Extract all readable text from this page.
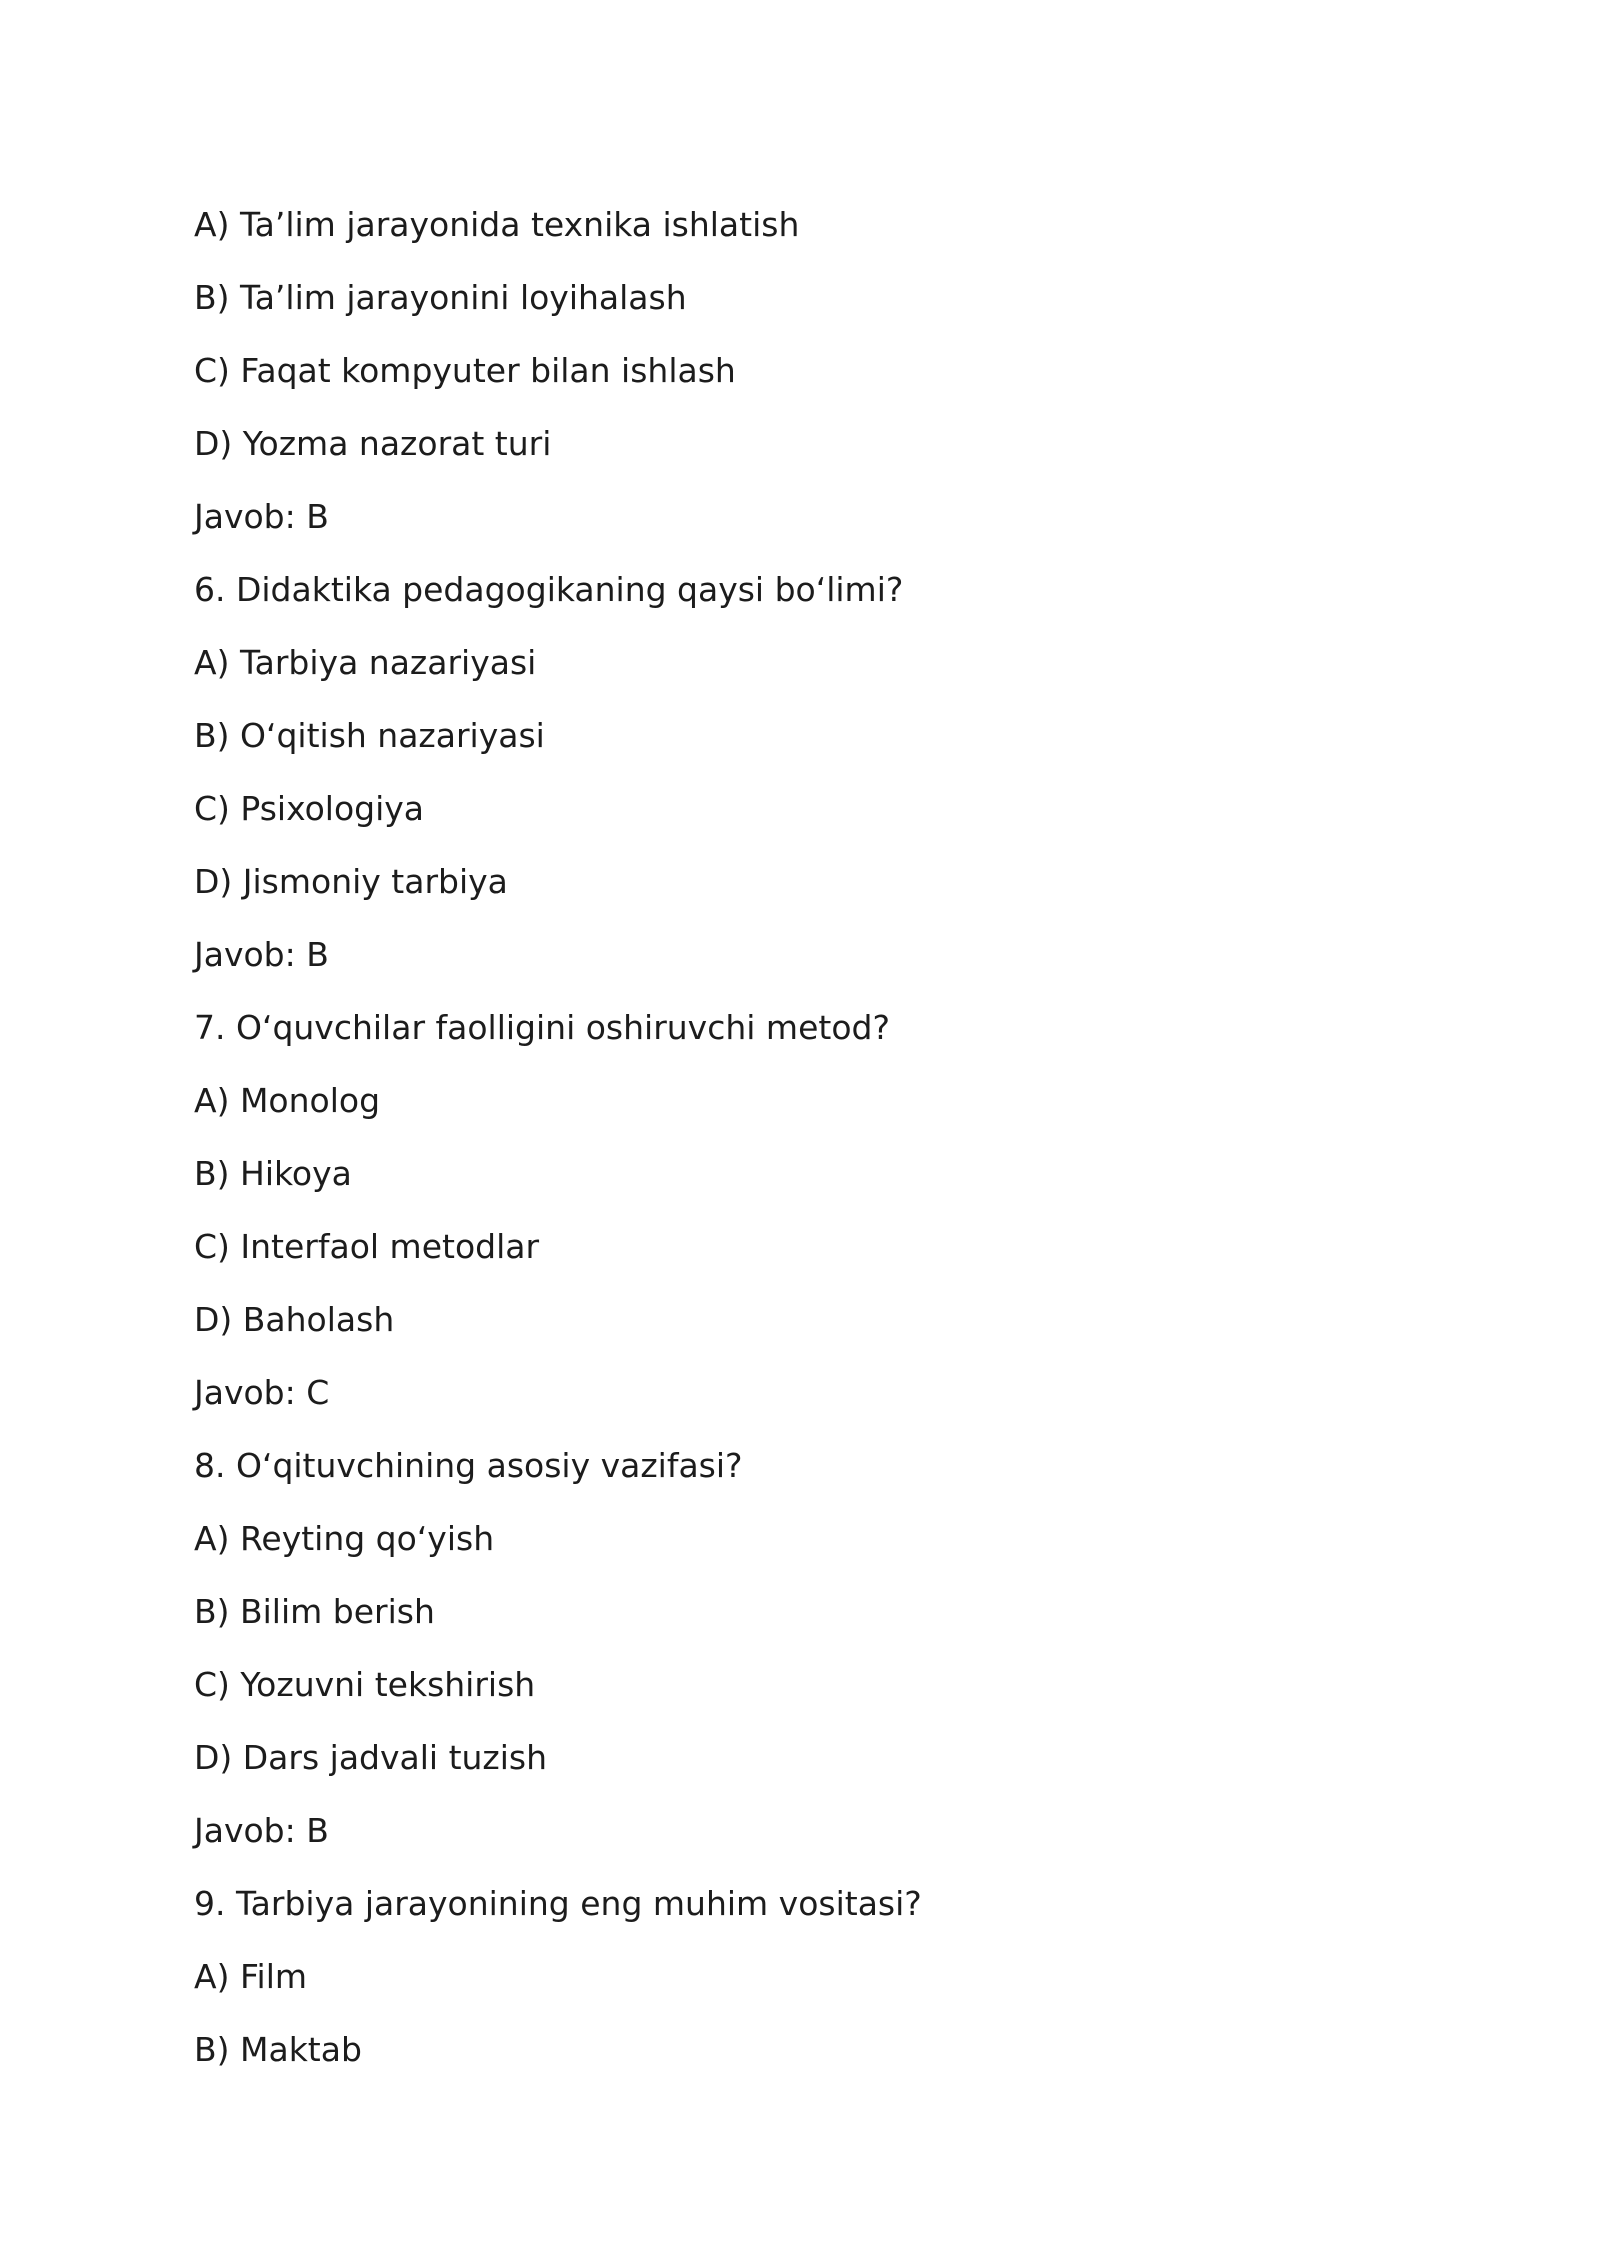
A) Ta’lim jarayonida texnika ishlatish
B) Ta’lim jarayonini loyihalash
C) Faqat kompyuter bilan ishlash
D) Yozma nazorat turi
Javob: B
6. Didaktika pedagogikaning qaysi bo‘limi?
A) Tarbiya nazariyasi
B) O‘qitish nazariyasi
C) Psixologiya
D) Jismoniy tarbiya
Javob: B
7. O‘quvchilar faolligini oshiruvchi metod?
A) Monolog
B) Hikoya
C) Interfaol metodlar
D) Baholash
Javob: C
8. O‘qituvchining asosiy vazifasi?
A) Reyting qo‘yish
B) Bilim berish
C) Yozuvni tekshirish
D) Dars jadvali tuzish
Javob: B
9. Tarbiya jarayonining eng muhim vositasi?
A) Film
B) Maktab
